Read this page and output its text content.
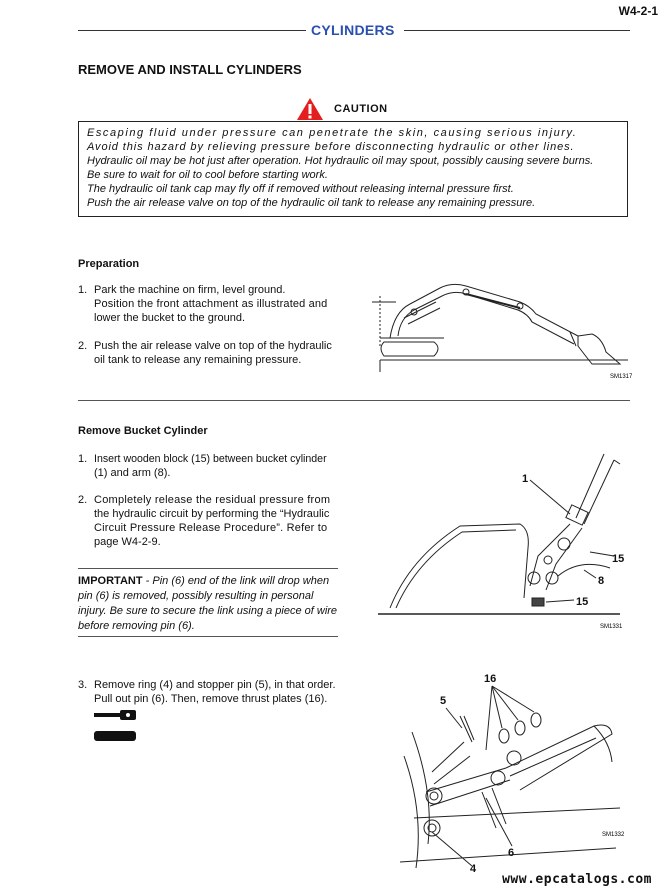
W4-2-1
CYLINDERS
REMOVE AND INSTALL CYLINDERS
Escaping fluid under pressure can penetrate the skin, causing serious injury.
Avoid this hazard by relieving pressure before disconnecting hydraulic or other lines.
Hydraulic oil may be hot just after operation. Hot hydraulic oil may spout, possibly causing severe burns.
Be sure to wait for oil to cool before starting work.
The hydraulic oil tank cap may fly off if removed without releasing internal pressure first.
Push the air release valve on top of the hydraulic oil tank to release any remaining pressure.
CAUTION
Preparation
1. Park the machine on firm, level ground.
Position the front attachment as illustrated and
lower the bucket to the ground.
2. Push the air release valve on top of the hydraulic
oil tank to release any remaining pressure.
SM1317
Remove Bucket Cylinder
1. Insert wooden block (15) between bucket cylinder
(1) and arm (8).
2. Completely release the residual pressure from
the hydraulic circuit by performing the “Hydraulic
Circuit Pressure Release Procedure”. Refer to
page W4-2-9.
IMPORTANT - Pin (6) end of the link will drop when
pin (6) is removed, possibly resulting in personal
injury. Be sure to secure the link using a piece of wire
before removing pin (6).
1
15
8
15
SM1331
3. Remove ring (4) and stopper pin (5), in that order.
Pull out pin (6). Then, remove thrust plates (16).
16
5
6
4
SM1332
www.epcatalogs.com
